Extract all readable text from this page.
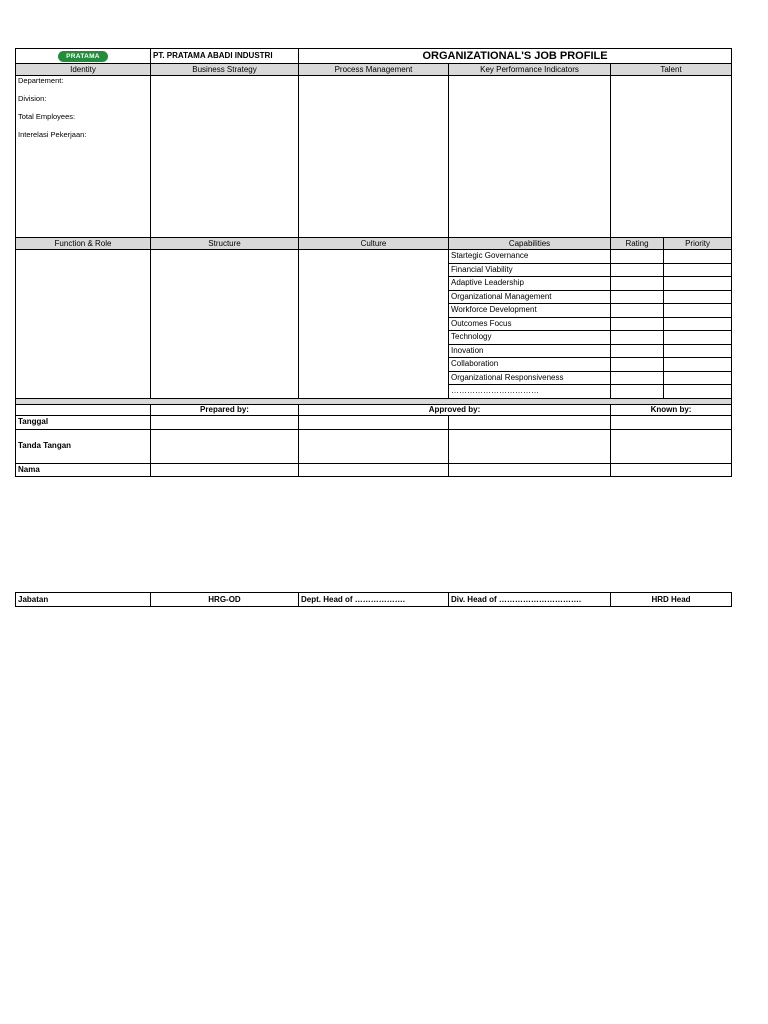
PRATAMA	PT. PRATAMA ABADI INDUSTRI	ORGANIZATIONAL'S JOB PROFILE			
Identity	Business Strategy	Process Management	Key Performance Indicators	Talent	

Departement:
Division:
Total Employees:
Interelasi Pekerjaan:					

Function & Role	Structure	Culture	Capabilities	Rating	Priority
			Startegic Governance		
			Financial Viability		
			Adaptive Leadership		
			Organizational Management		
			Workforce Development		
			Outcomes Focus		
			Technology		
			Inovation		
			Collaboration		
			Organizational Responsiveness		
			……………………………		

	Prepared by:	Approved by:		Known by:	
Tanggal					
Tanda Tangan					
Nama					
Jabatan	HRG-OD	Dept. Head of ……………….	Div. Head of ………………………….	HRD Head
